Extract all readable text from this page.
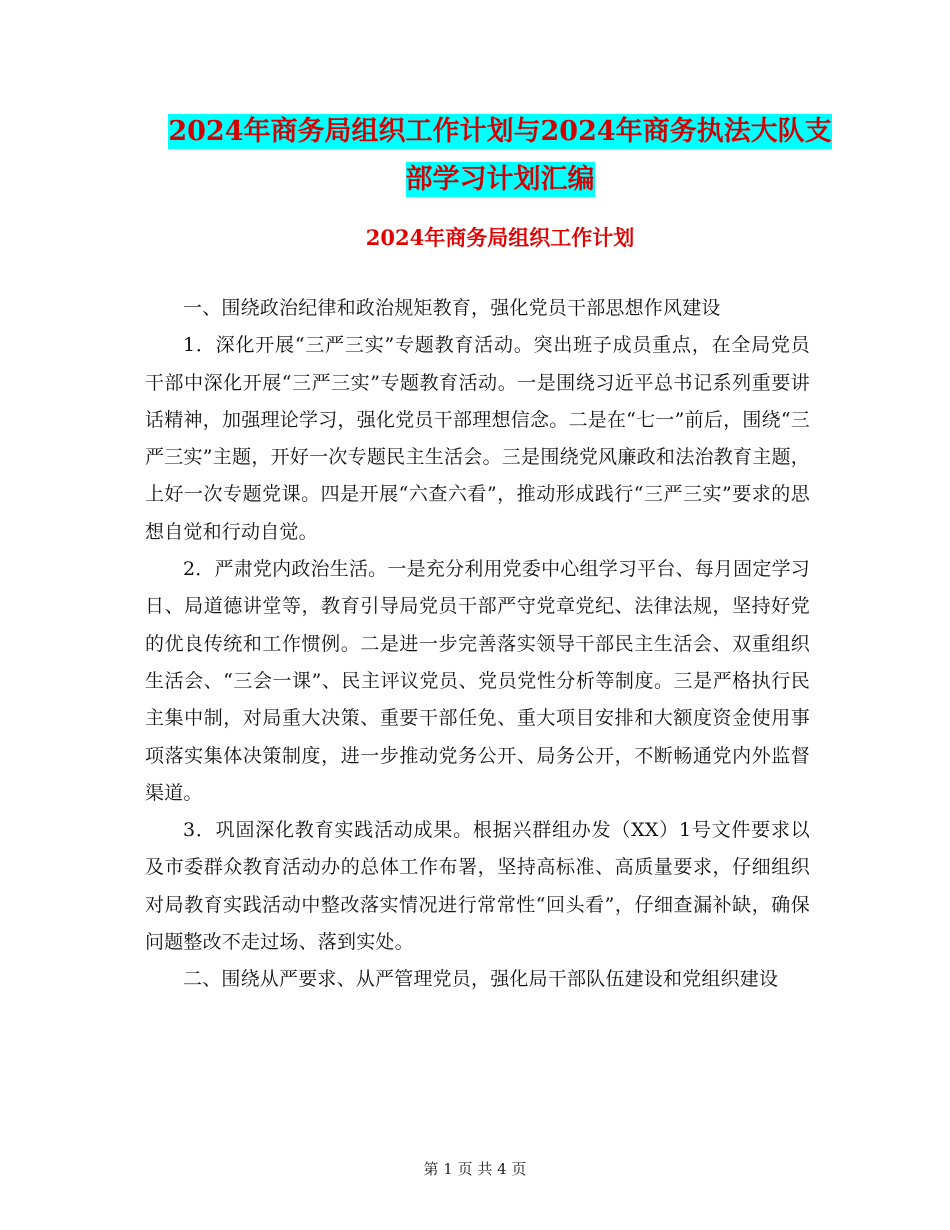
2024年商务局组织工作计划与2024年商务执法大队支
部学习计划汇编
2024年商务局组织工作计划

一、围绕政治纪律和政治规矩教育，强化党员干部思想作风建设

1．深化开展“三严三实”专题教育活动。突出班子成员重点，在全局党员干部中深化开展“三严三实”专题教育活动。一是围绕习近平总书记系列重要讲话精神，加强理论学习，强化党员干部理想信念。二是在“七一”前后，围绕“三严三实”主题，开好一次专题民主生活会。三是围绕党风廉政和法治教育主题，上好一次专题党课。四是开展“六查六看”，推动形成践行“三严三实”要求的思想自觉和行动自觉。

2．严肃党内政治生活。一是充分利用党委中心组学习平台、每月固定学习日、局道德讲堂等，教育引导局党员干部严守党章党纪、法律法规，坚持好党的优良传统和工作惯例。二是进一步完善落实领导干部民主生活会、双重组织生活会、“三会一课”、民主评议党员、党员党性分析等制度。三是严格执行民主集中制，对局重大决策、重要干部任免、重大项目安排和大额度资金使用事项落实集体决策制度，进一步推动党务公开、局务公开，不断畅通党内外监督渠道。

3．巩固深化教育实践活动成果。根据兴群组办发（XX）1号文件要求以及市委群众教育活动办的总体工作布署，坚持高标准、高质量要求，仔细组织对局教育实践活动中整改落实情况进行常常性“回头看”，仔细查漏补缺，确保问题整改不走过场、落到实处。

二、围绕从严要求、从严管理党员，强化局干部队伍建设和党组织建设

第 1 页 共 4 页
